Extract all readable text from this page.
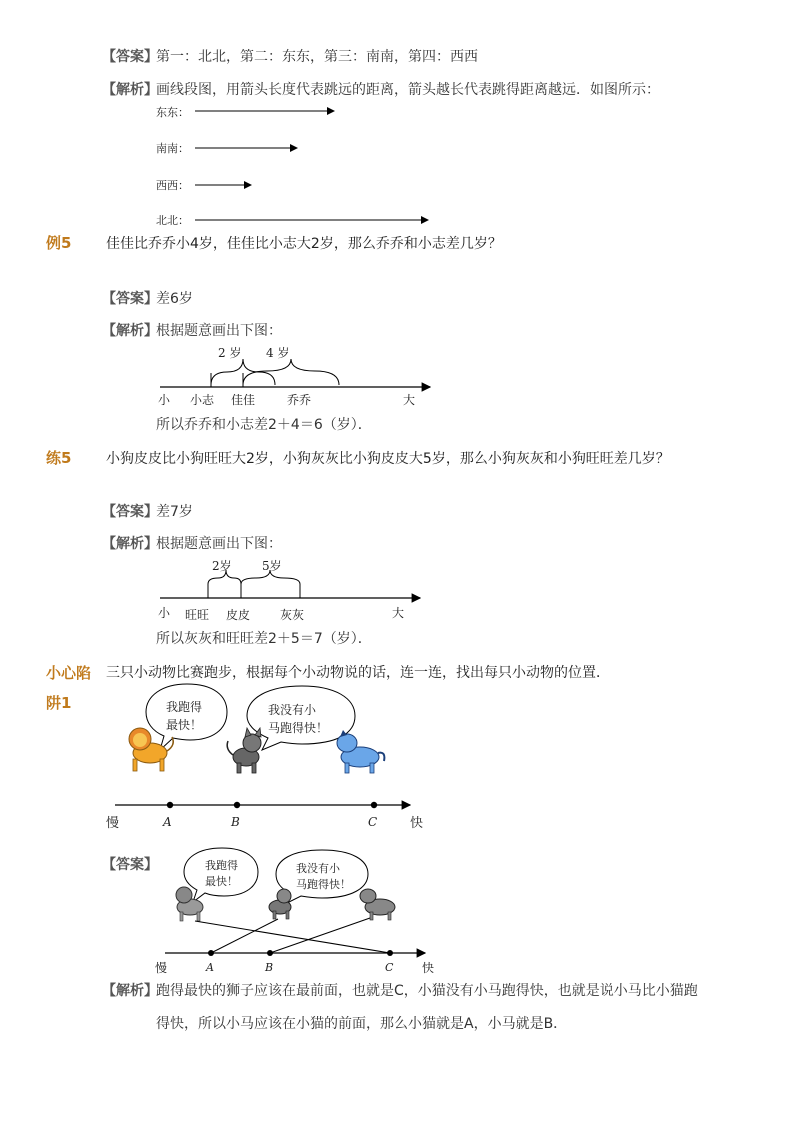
【答案】
第一：北北，第二：东东，第三：南南，第四：西西
【解析】
画线段图，用箭头长度代表跳远的距离，箭头越长代表跳得距离越远．如图所示：
东东：
南南：
西西：
北北：
例5 佳佳比乔乔小4岁，佳佳比小志大2岁，那么乔乔和小志差几岁？
【答案】
差6岁
【解析】
根据题意画出下图：
2 岁 4 岁
小 小志 佳佳	乔乔	大
所以乔乔和小志差2＋4＝6（岁）．
练5 小狗皮皮比小狗旺旺大2岁，小狗灰灰比小狗皮皮大5岁，那么小狗灰灰和小狗旺旺差几岁？
【答案】
差7岁
【解析】
根据题意画出下图：
2岁	5岁
小 旺旺 皮皮 灰灰	大
所以灰灰和旺旺差2＋5＝7（岁）．
小心陷
阱1
三只小动物比赛跑步，根据每个小动物说的话，连一连，找出每只小动物的位置．
我跑得
最快！
我没有小
马跑得快！
慢	A	B	C	快
【答案】	我跑得
最快！
我没有小
马跑得快！
慢	A	B	C 快
【解析】
跑得最快的狮子应该在最前面，也就是C，小猫没有小马跑得快，也就是说小马比小猫跑
得快，所以小马应该在小猫的前面，那么小猫就是A，小马就是B．
